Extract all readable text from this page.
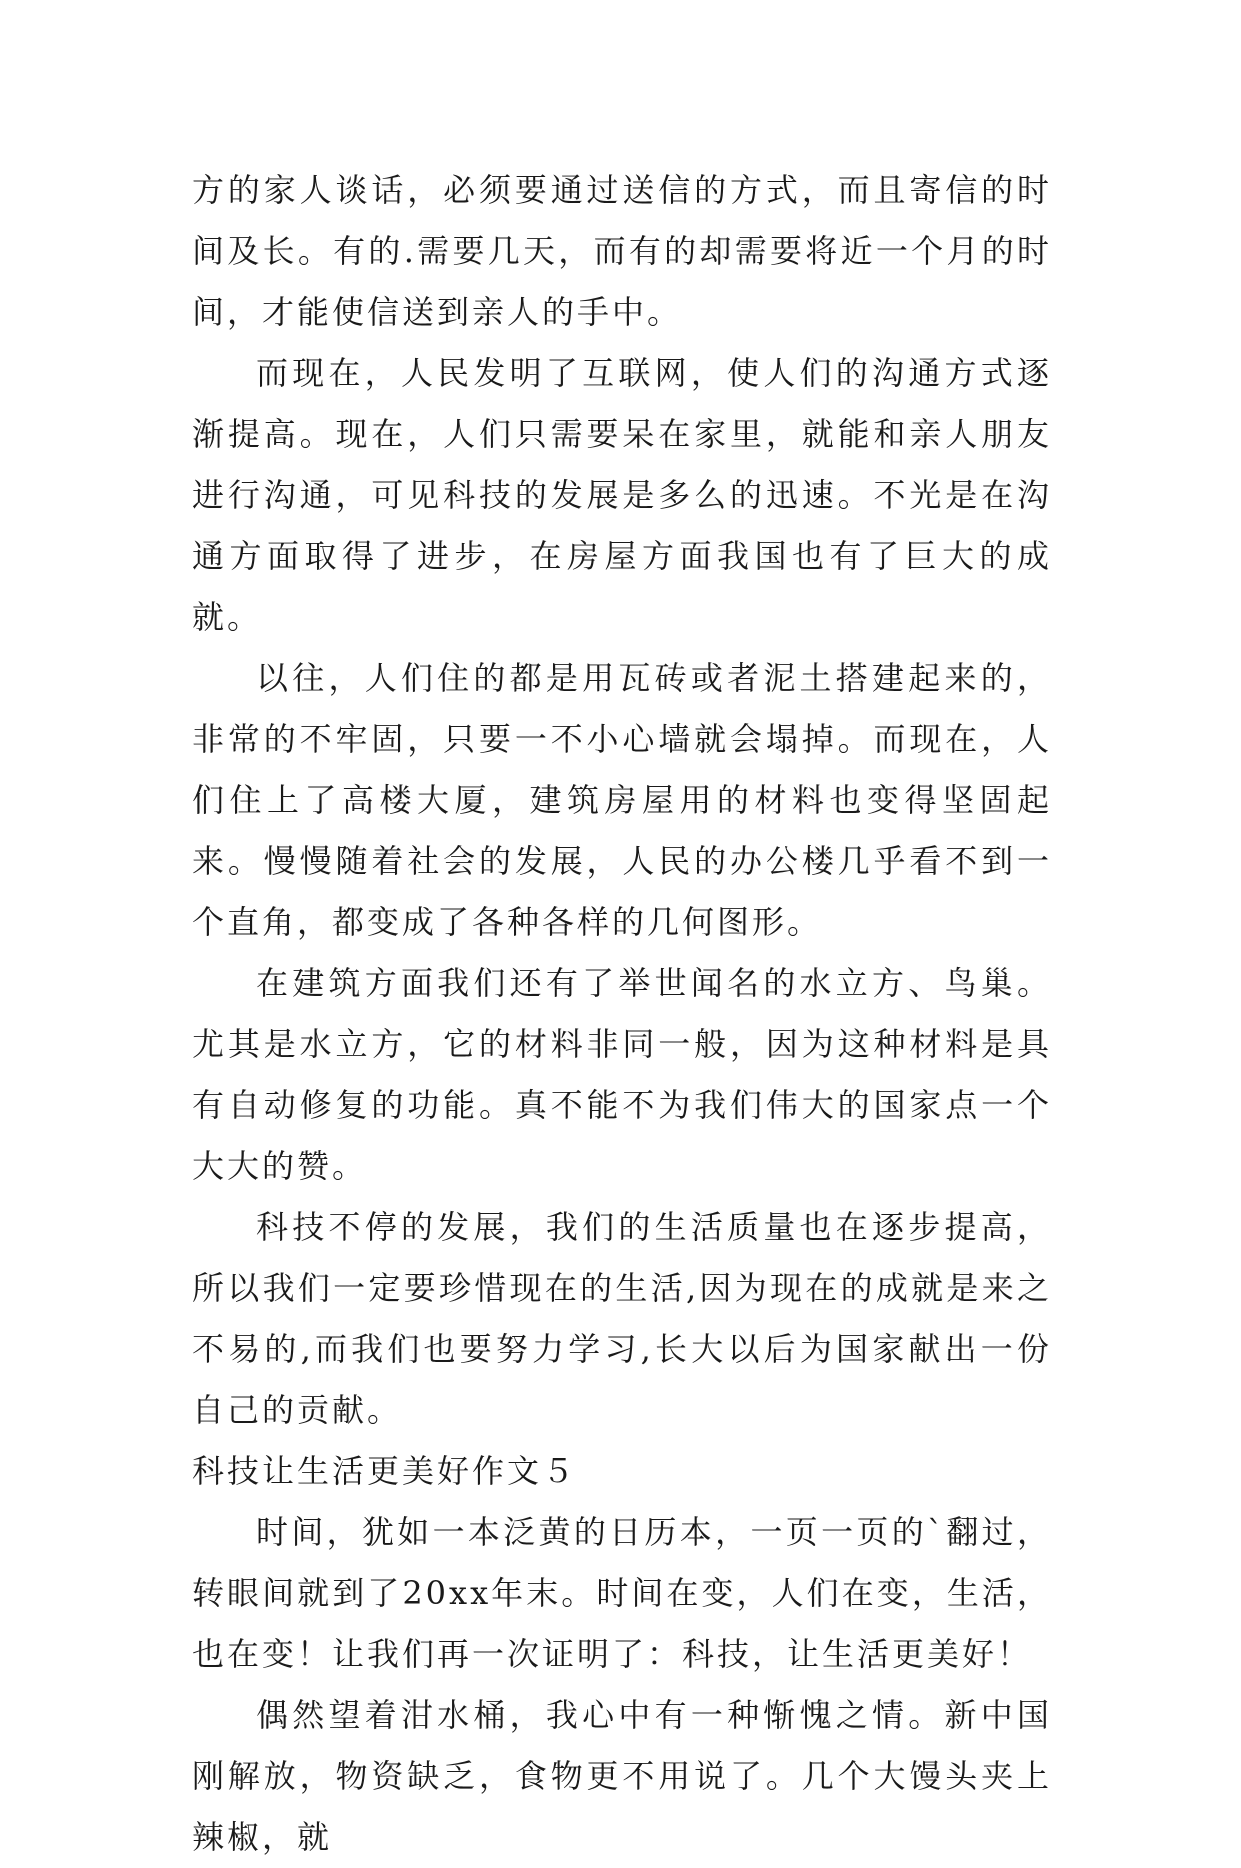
方的家人谈话，必须要通过送信的方式，而且寄信的时间及长。有的.需要几天，而有的却需要将近一个月的时间，才能使信送到亲人的手中。

而现在，人民发明了互联网，使人们的沟通方式逐渐提高。现在，人们只需要呆在家里，就能和亲人朋友进行沟通，可见科技的发展是多么的迅速。不光是在沟通方面取得了进步，在房屋方面我国也有了巨大的成就。

以往，人们住的都是用瓦砖或者泥土搭建起来的，非常的不牢固，只要一不小心墙就会塌掉。而现在，人们住上了高楼大厦，建筑房屋用的材料也变得坚固起来。慢慢随着社会的发展，人民的办公楼几乎看不到一个直角，都变成了各种各样的几何图形。

在建筑方面我们还有了举世闻名的水立方、鸟巢。尤其是水立方，它的材料非同一般，因为这种材料是具有自动修复的功能。真不能不为我们伟大的国家点一个大大的赞。

科技不停的发展，我们的生活质量也在逐步提高，所以我们一定要珍惜现在的生活,因为现在的成就是来之不易的,而我们也要努力学习,长大以后为国家献出一份自己的贡献。

科技让生活更美好作文５

时间，犹如一本泛黄的日历本，一页一页的`翻过，转眼间就到了20xx年末。时间在变，人们在变，生活，也在变！让我们再一次证明了：科技，让生活更美好！

偶然望着泔水桶，我心中有一种惭愧之情。新中国刚解放，物资缺乏，食物更不用说了。几个大馒头夹上辣椒，就
